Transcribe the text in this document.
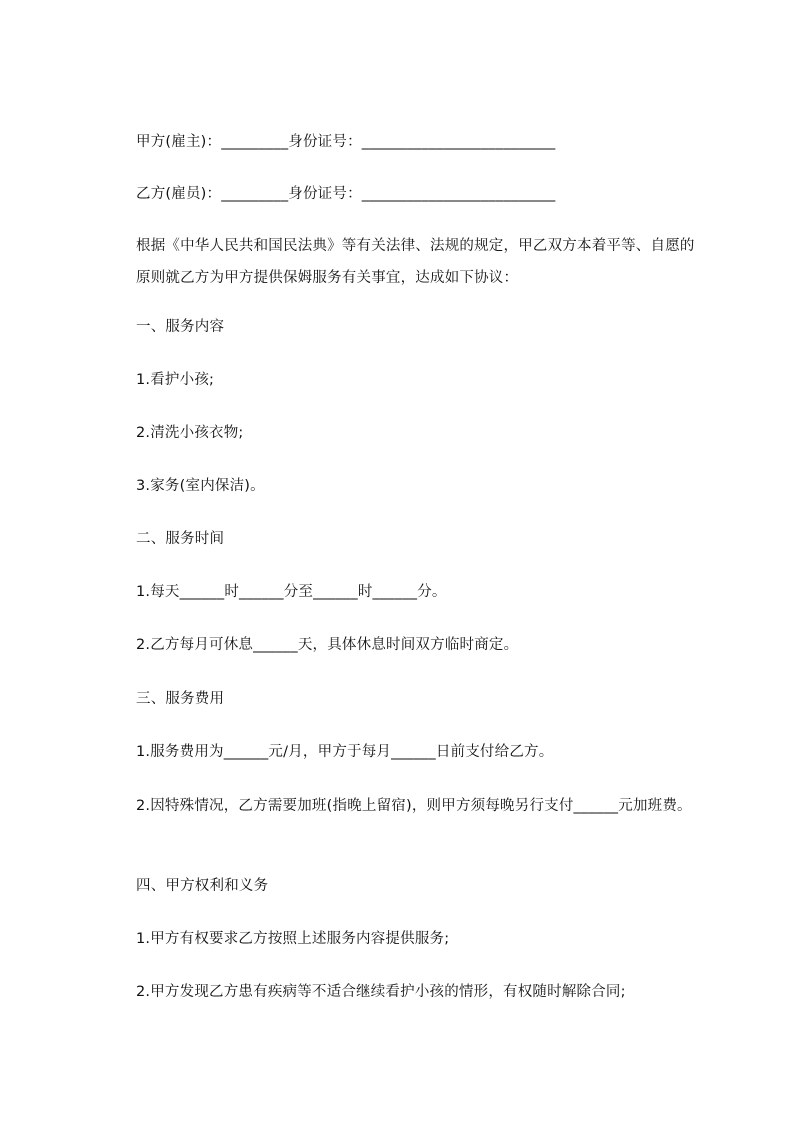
甲方(雇主)：_________身份证号：__________________________
乙方(雇员)：_________身份证号：__________________________
根据《中华人民共和国民法典》等有关法律、法规的规定，甲乙双方本着平等、自愿的原则就乙方为甲方提供保姆服务有关事宜，达成如下协议：
一、服务内容
1.看护小孩;
2.清洗小孩衣物;
3.家务(室内保洁)。
二、服务时间
1.每天______时______分至______时______分。
2.乙方每月可休息______天，具体休息时间双方临时商定。
三、服务费用
1.服务费用为______元/月，甲方于每月______日前支付给乙方。
2.因特殊情况，乙方需要加班(指晚上留宿)，则甲方须每晚另行支付______元加班费。
四、甲方权利和义务
1.甲方有权要求乙方按照上述服务内容提供服务;
2.甲方发现乙方患有疾病等不适合继续看护小孩的情形，有权随时解除合同;
